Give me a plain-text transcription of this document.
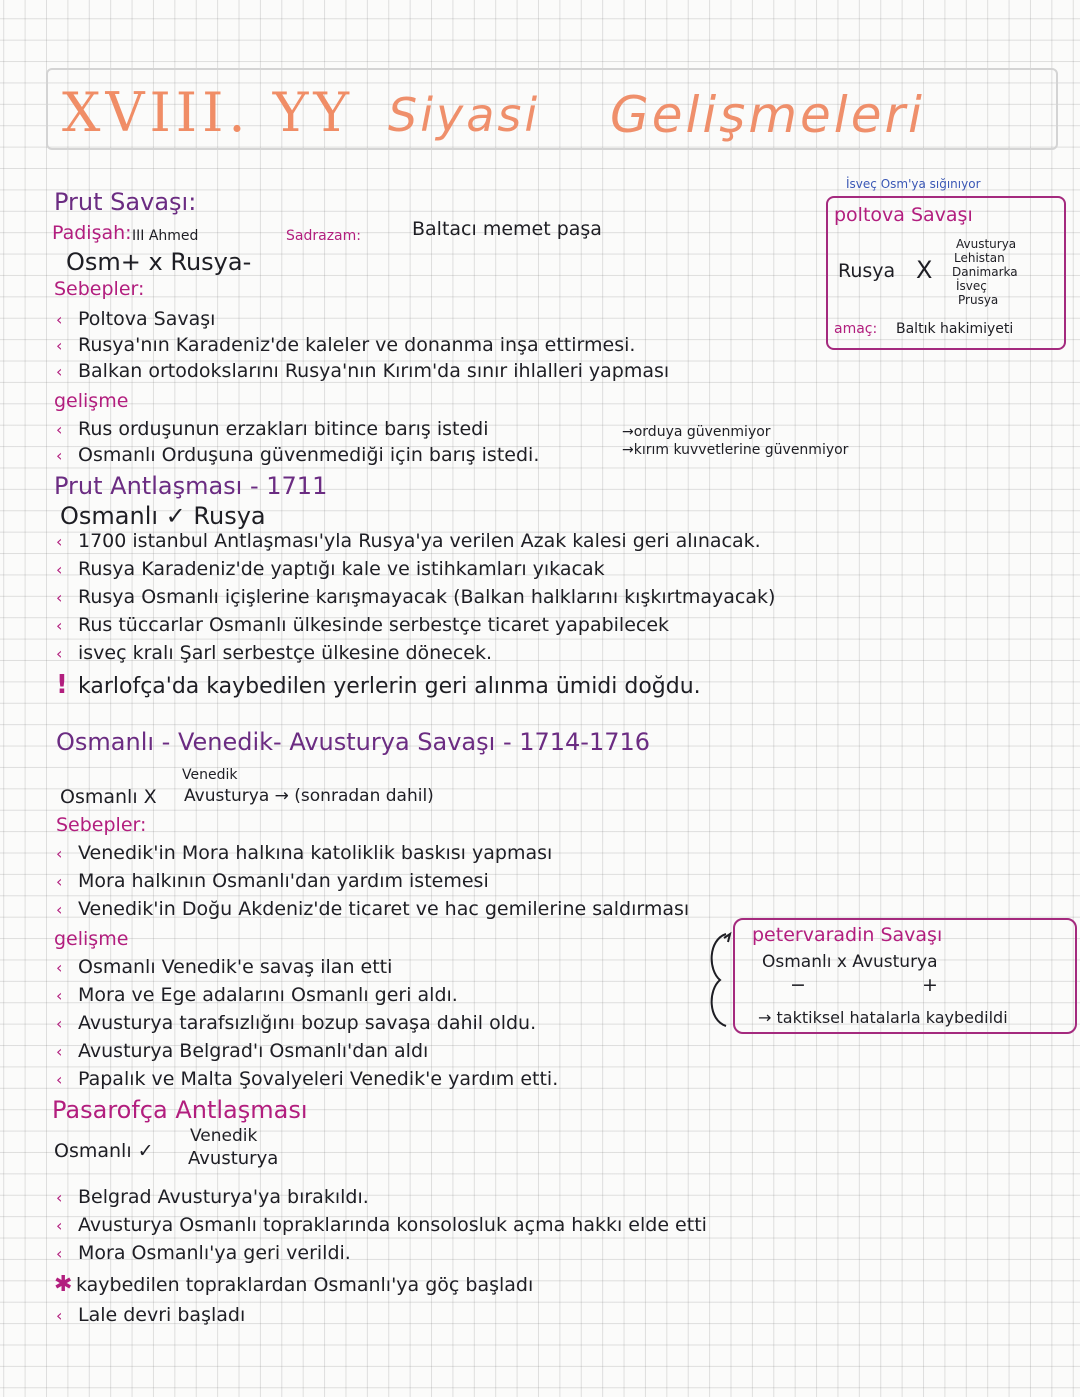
XVIII. YY Siyasi Gelişmeleri
Prut Savaşı:
Padişah: III Ahmed	Sadrazam:	Baltacı memet paşa
Osm+ x Rusya-
Sebepler:
‹ Poltova Savaşı
‹ Rusya'nın Karadeniz'de kaleler ve donanma inşa ettirmesi.
‹ Balkan ortodokslarını Rusya'nın Kırım'da sınır ihlalleri yapması
gelişme
‹ Rus orduşunun erzakları bitince barış istedi
‹ Osmanlı Orduşuna güvenmediği için barış istedi.
→orduya güvenmiyor
→kırım kuvvetlerine güvenmiyor
İsveç Osm'ya sığınıyor
poltova Savaşı
Rusya X
Avusturya
Lehistan
Danimarka
İsveç
Prusya
amaç: Baltık hakimiyeti
Prut Antlaşması - 1711
Osmanlı ✓ Rusya
‹ 1700 istanbul Antlaşması'yla Rusya'ya verilen Azak kalesi geri alınacak.
‹ Rusya Karadeniz'de yaptığı kale ve istihkamları yıkacak
‹ Rusya Osmanlı içişlerine karışmayacak (Balkan halklarını kışkırtmayacak)
‹ Rus tüccarlar Osmanlı ülkesinde serbestçe ticaret yapabilecek
‹ isveç kralı Şarl serbestçe ülkesine dönecek.
! karlofça'da kaybedilen yerlerin geri alınma ümidi doğdu.
Osmanlı - Venedik- Avusturya Savaşı - 1714-1716
Venedik
Osmanlı X Avusturya → (sonradan dahil)
Sebepler:
‹ Venedik'in Mora halkına katoliklik baskısı yapması
‹ Mora halkının Osmanlı'dan yardım istemesi
‹ Venedik'in Doğu Akdeniz'de ticaret ve hac gemilerine saldırması
gelişme
‹ Osmanlı Venedik'e savaş ilan etti
‹ Mora ve Ege adalarını Osmanlı geri aldı.
‹ Avusturya tarafsızlığını bozup savaşa dahil oldu.
‹ Avusturya Belgrad'ı Osmanlı'dan aldı
‹ Papalık ve Malta Şovalyeleri Venedik'e yardım etti.
petervaradin Savaşı
Osmanlı x Avusturya
−	+
→ taktiksel hatalarla kaybedildi
Pasarofça Antlaşması
Venedik
Osmanlı ✓ Avusturya
‹ Belgrad Avusturya'ya bırakıldı.
‹ Avusturya Osmanlı topraklarında konsolosluk açma hakkı elde etti
‹ Mora Osmanlı'ya geri verildi.
✱ kaybedilen topraklardan Osmanlı'ya göç başladı
‹ Lale devri başladı
